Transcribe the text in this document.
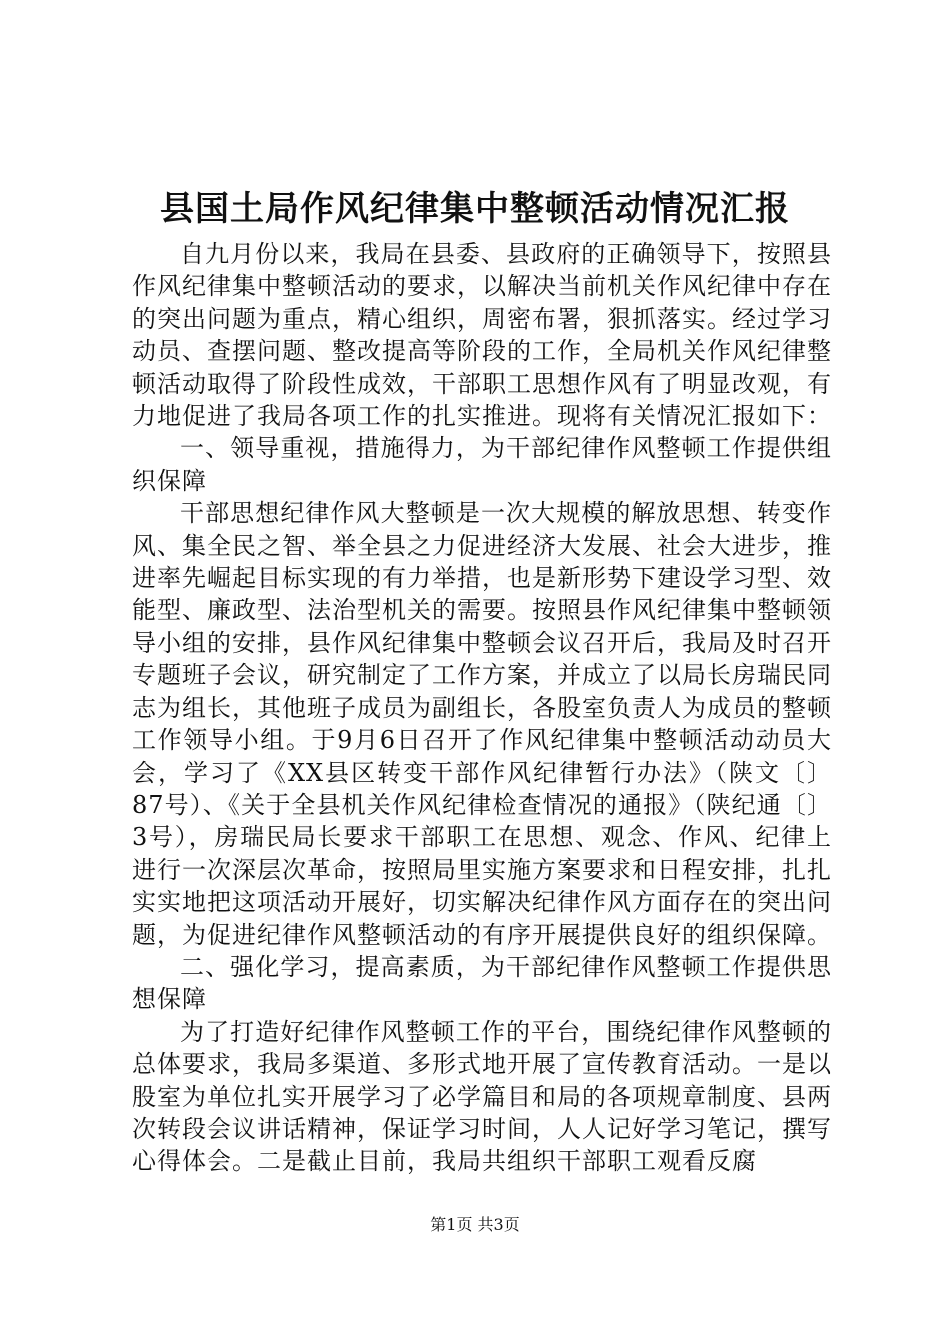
县国土局作风纪律集中整顿活动情况汇报

自九月份以来，我局在县委、县政府的正确领导下，按照县作风纪律集中整顿活动的要求，以解决当前机关作风纪律中存在的突出问题为重点，精心组织，周密布署，狠抓落实。经过学习动员、查摆问题、整改提高等阶段的工作，全局机关作风纪律整顿活动取得了阶段性成效，干部职工思想作风有了明显改观，有力地促进了我局各项工作的扎实推进。现将有关情况汇报如下：

一、领导重视，措施得力，为干部纪律作风整顿工作提供组织保障

干部思想纪律作风大整顿是一次大规模的解放思想、转变作风、集全民之智、举全县之力促进经济大发展、社会大进步，推进率先崛起目标实现的有力举措，也是新形势下建设学习型、效能型、廉政型、法治型机关的需要。按照县作风纪律集中整顿领导小组的安排，县作风纪律集中整顿会议召开后，我局及时召开专题班子会议，研究制定了工作方案，并成立了以局长房瑞民同志为组长，其他班子成员为副组长，各股室负责人为成员的整顿工作领导小组。于9月6日召开了作风纪律集中整顿活动动员大会，学习了《XX县区转变干部作风纪律暂行办法》（陕文〔〕87号）、《关于全县机关作风纪律检查情况的通报》（陕纪通〔〕3号），房瑞民局长要求干部职工在思想、观念、作风、纪律上进行一次深层次革命，按照局里实施方案要求和日程安排，扎扎实实地把这项活动开展好，切实解决纪律作风方面存在的突出问题，为促进纪律作风整顿活动的有序开展提供良好的组织保障。

二、强化学习，提高素质，为干部纪律作风整顿工作提供思想保障

为了打造好纪律作风整顿工作的平台，围绕纪律作风整顿的总体要求，我局多渠道、多形式地开展了宣传教育活动。一是以股室为单位扎实开展学习了必学篇目和局的各项规章制度、县两次转段会议讲话精神，保证学习时间，人人记好学习笔记，撰写心得体会。二是截止目前，我局共组织干部职工观看反腐

第1页 共3页
